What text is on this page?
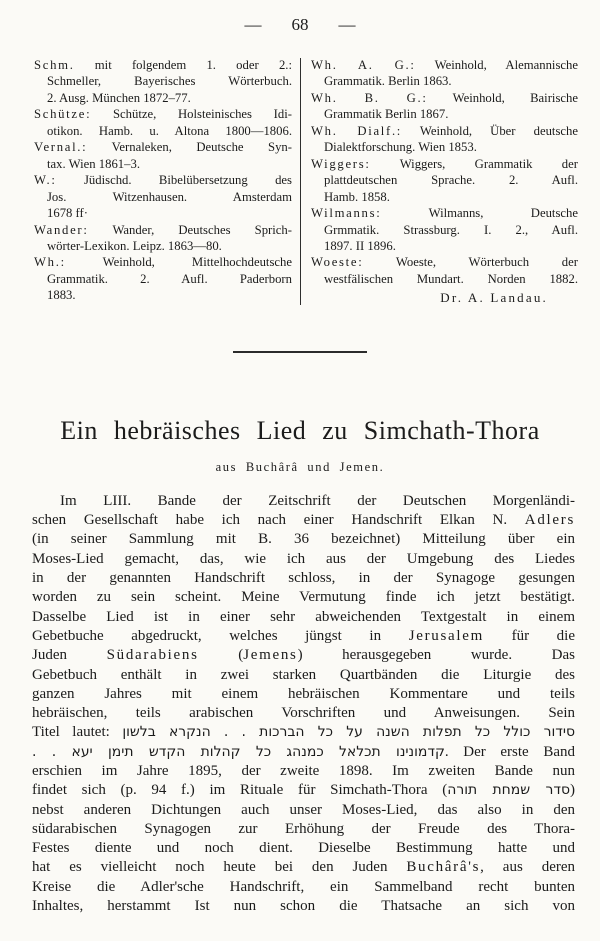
— 68 —
Schm. mit folgendem 1. oder 2.:
Schmeller, Bayerisches Wörterbuch.
2. Ausg. München 1872–77.
Schütze: Schütze, Holsteinisches Idi-
otikon. Hamb. u. Altona 1800—1806.
Vernal.: Vernaleken, Deutsche Syn-
tax. Wien 1861–3.
W.: Jüdischd. Bibelübersetzung des
Jos. Witzenhausen. Amsterdam
1678 ff·
Wander: Wander, Deutsches Sprich-
wörter-Lexikon. Leipz. 1863—80.
Wh.: Weinhold, Mittelhochdeutsche
Grammatik. 2. Aufl. Paderborn
1883.
Wh. A. G.: Weinhold, Alemannische
Grammatik. Berlin 1863.
Wh. B. G.: Weinhold, Bairische
Grammatik Berlin 1867.
Wh. Dialf.: Weinhold, Über deutsche
Dialektforschung. Wien 1853.
Wiggers: Wiggers, Grammatik der
plattdeutschen Sprache. 2. Aufl.
Hamb. 1858.
Wilmanns: Wilmanns, Deutsche
Grmmatik. Strassburg. I. 2., Aufl.
1897. II 1896.
Woeste: Woeste, Wörterbuch der
westfälischen Mundart. Norden 1882.
Dr. A. Landau.
Ein hebräisches Lied zu Simchath-Thora
aus Buchârâ und Jemen.
Im LIII. Bande der Zeitschrift der Deutschen Morgenländi-
schen Gesellschaft habe ich nach einer Handschrift Elkan N. Adlers
(in seiner Sammlung mit B. 36 bezeichnet) Mitteilung über ein
Moses-Lied gemacht, das, wie ich aus der Umgebung des Liedes
in der genannten Handschrift schloss, in der Synagoge gesungen
worden zu sein scheint. Meine Vermutung finde ich jetzt bestätigt.
Dasselbe Lied ist in einer sehr abweichenden Textgestalt in einem
Gebetbuche abgedruckt, welches jüngst in Jerusalem für die
Juden Südarabiens (Jemens) herausgegeben wurde. Das
Gebetbuch enthält in zwei starken Quartbänden die Liturgie des
ganzen Jahres mit einem hebräischen Kommentare und teils
hebräischen, teils arabischen Vorschriften und Anweisungen. Sein
Titel lautet: סידור כולל כל תפלות השנה על כל הברכות . . הנקרא בלשון
קדמונינו תכלאל כמנהג כל קהלות הקדש תימן יעא . .. Der erste Band
erschien im Jahre 1895, der zweite 1898. Im zweiten Bande nun
findet sich (p. 94 f.) im Rituale für Simchath-Thora (סדר שמחת תורה)
nebst anderen Dichtungen auch unser Moses-Lied, das also in den
südarabischen Synagogen zur Erhöhung der Freude des Thora-
Festes diente und noch dient. Dieselbe Bestimmung hatte und
hat es vielleicht noch heute bei den Juden Buchârâ's, aus deren
Kreise die Adler'sche Handschrift, ein Sammelband recht bunten
Inhaltes, herstammt Ist nun schon die Thatsache an sich von
